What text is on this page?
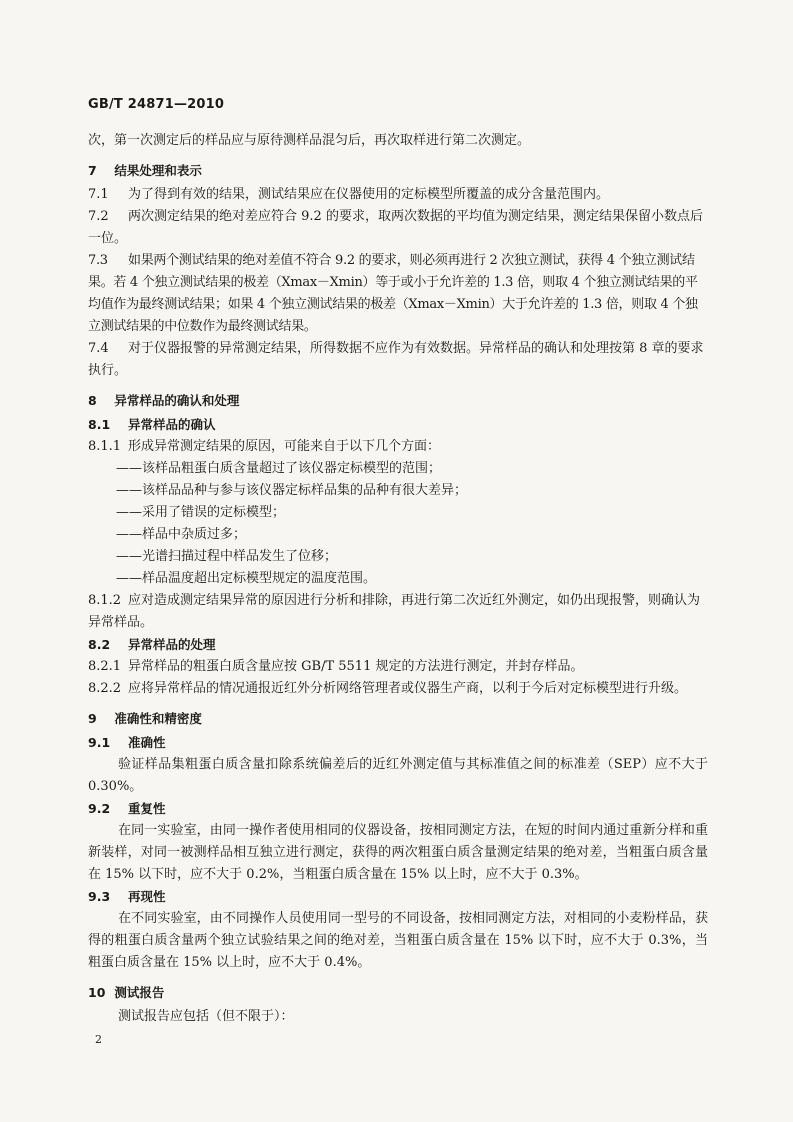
GB/T 24871—2010

次，第一次测定后的样品应与原待测样品混匀后，再次取样进行第二次测定。

7 结果处理和表示

7.1 为了得到有效的结果，测试结果应在仪器使用的定标模型所覆盖的成分含量范围内。

7.2 两次测定结果的绝对差应符合 9.2 的要求，取两次数据的平均值为测定结果，测定结果保留小数点后一位。

7.3 如果两个测试结果的绝对差值不符合 9.2 的要求，则必须再进行 2 次独立测试，获得 4 个独立测试结果。若 4 个独立测试结果的极差（Xmax－Xmin）等于或小于允许差的 1.3 倍，则取 4 个独立测试结果的平均值作为最终测试结果；如果 4 个独立测试结果的极差（Xmax－Xmin）大于允许差的 1.3 倍，则取 4 个独立测试结果的中位数作为最终测试结果。

7.4 对于仪器报警的异常测定结果，所得数据不应作为有效数据。异常样品的确认和处理按第 8 章的要求执行。

8 异常样品的确认和处理

8.1 异常样品的确认

8.1.1 形成异常测定结果的原因，可能来自于以下几个方面：

——该样品粗蛋白质含量超过了该仪器定标模型的范围；

——该样品品种与参与该仪器定标样品集的品种有很大差异；

——采用了错误的定标模型；

——样品中杂质过多；

——光谱扫描过程中样品发生了位移；

——样品温度超出定标模型规定的温度范围。

8.1.2 应对造成测定结果异常的原因进行分析和排除，再进行第二次近红外测定，如仍出现报警，则确认为异常样品。

8.2 异常样品的处理

8.2.1 异常样品的粗蛋白质含量应按 GB/T 5511 规定的方法进行测定，并封存样品。

8.2.2 应将异常样品的情况通报近红外分析网络管理者或仪器生产商，以利于今后对定标模型进行升级。

9 准确性和精密度

9.1 准确性

验证样品集粗蛋白质含量扣除系统偏差后的近红外测定值与其标准值之间的标准差（SEP）应不大于 0.30%。

9.2 重复性

在同一实验室，由同一操作者使用相同的仪器设备，按相同测定方法，在短的时间内通过重新分样和重新装样，对同一被测样品相互独立进行测定，获得的两次粗蛋白质含量测定结果的绝对差，当粗蛋白质含量在 15% 以下时，应不大于 0.2%，当粗蛋白质含量在 15% 以上时，应不大于 0.3%。

9.3 再现性

在不同实验室，由不同操作人员使用同一型号的不同设备，按相同测定方法，对相同的小麦粉样品，获得的粗蛋白质含量两个独立试验结果之间的绝对差，当粗蛋白质含量在 15% 以下时，应不大于 0.3%，当粗蛋白质含量在 15% 以上时，应不大于 0.4%。

10 测试报告

测试报告应包括（但不限于）：

2
